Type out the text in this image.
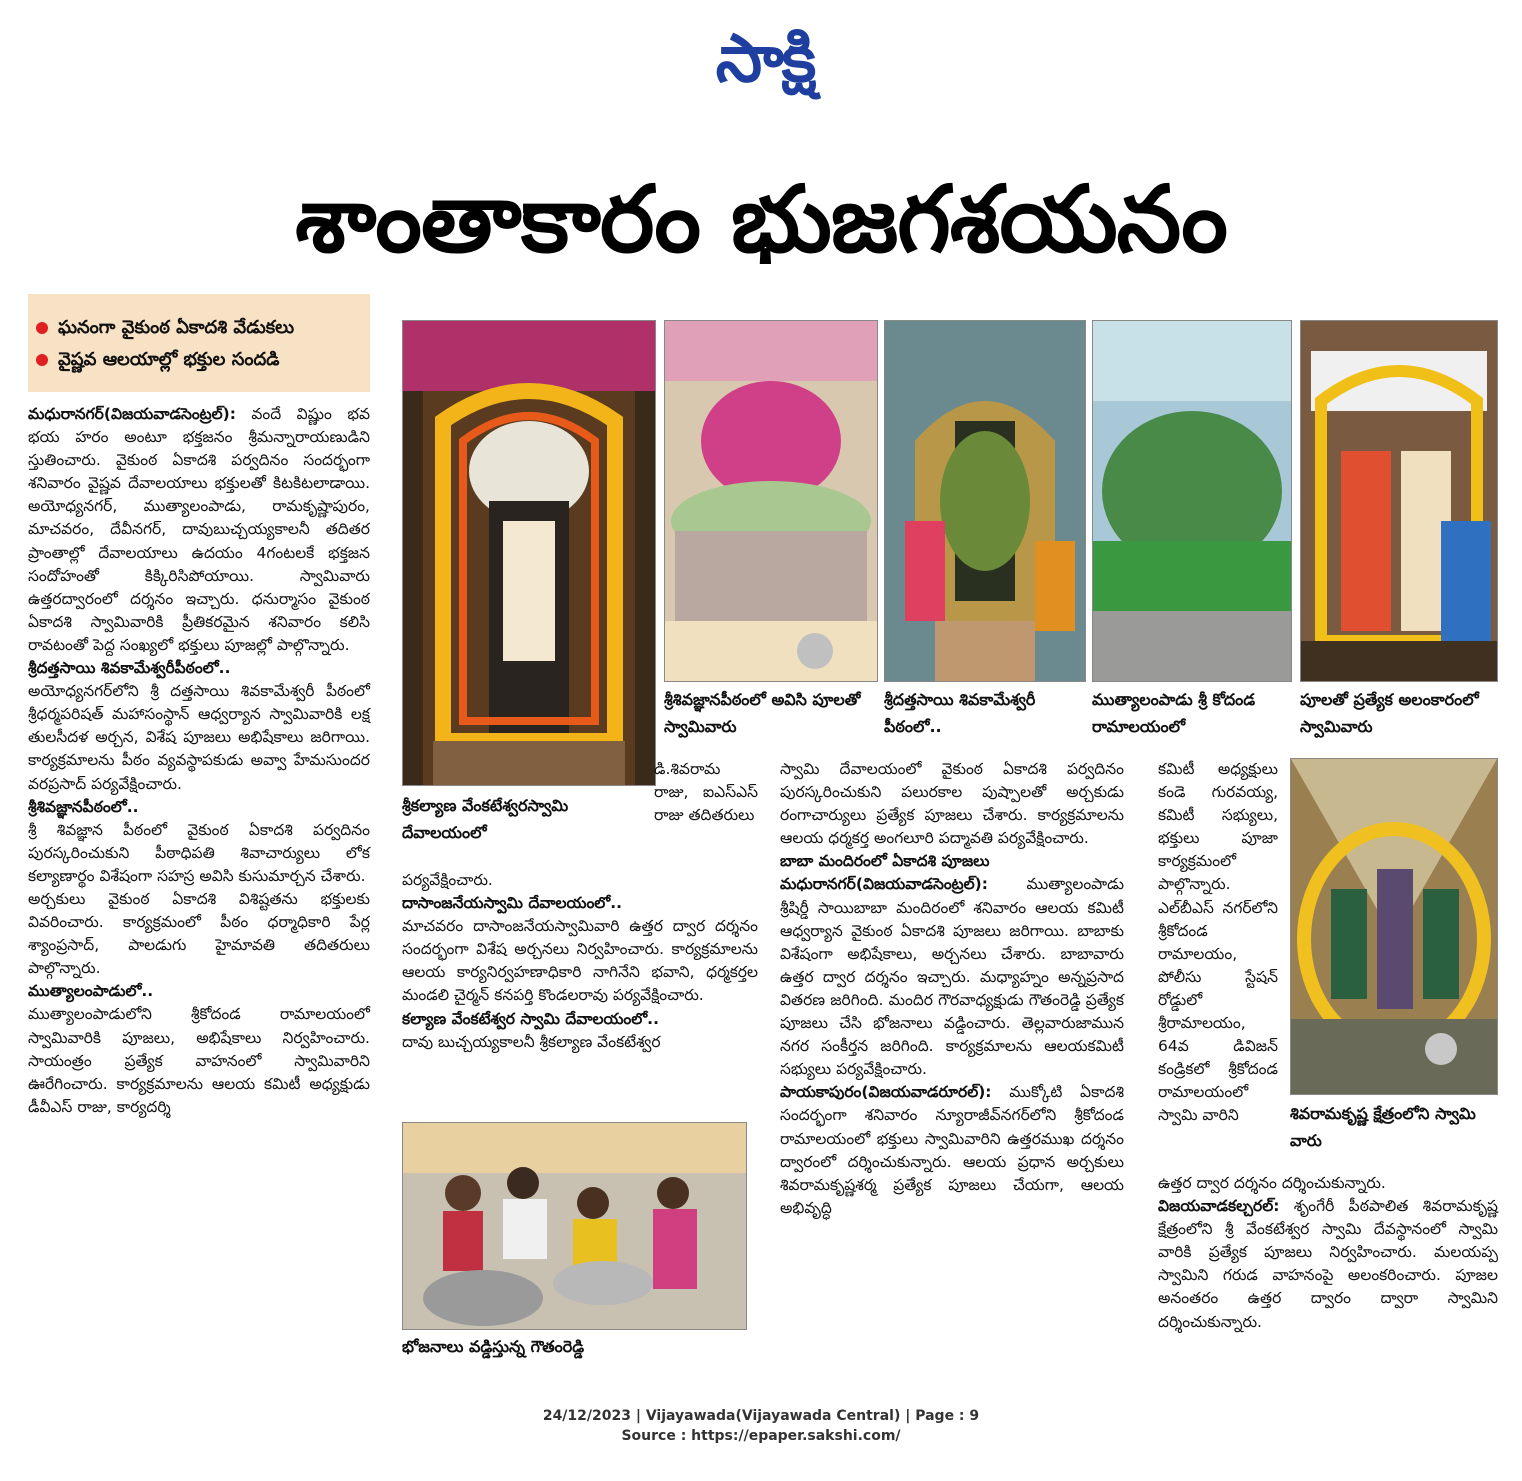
సాక్షి
శాంతాకారం భుజగశయనం
ఘనంగా వైకుంఠ ఏకాదశి వేడుకలు
వైష్ణవ ఆలయాల్లో భక్తుల సందడి

మధురానగర్(విజయవాడసెంట్రల్): వందే విష్ణుం భవ భయ హరం అంటూ భక్తజనం శ్రీమన్నారాయణుడిని స్తుతించారు. వైకుంఠ ఏకాదశి పర్వదినం సందర్భంగా శనివారం వైష్ణవ దేవాలయాలు భక్తులతో కిటకిటలాడాయి. అయోధ్యనగర్, ముత్యాలంపాడు, రామకృష్ణాపురం, మాచవరం, దేవీనగర్, దావుబుచ్చయ్యకాలనీ తదితర ప్రాంతాల్లో దేవాలయాలు ఉదయం 4గంటలకే భక్తజన సందోహంతో కిక్కిరిసిపోయాయి. స్వామివారు ఉత్తరద్వారంలో దర్శనం ఇచ్చారు. ధనుర్మాసం వైకుంఠ ఏకాదశి స్వామివారికి ప్రీతికరమైన శనివారం కలిసి రావటంతో పెద్ద సంఖ్యలో భక్తులు పూజల్లో పాల్గొన్నారు.

శ్రీదత్తసాయి శివకామేశ్వరీపీఠంలో..

అయోధ్యనగర్‌లోని శ్రీ దత్తసాయి శివకామేశ్వరీ పీఠంలో శ్రీధర్మపరిషత్ మహాసంస్థాన్ ఆధ్వర్యాన స్వామివారికి లక్ష తులసీదళ అర్చన, విశేష పూజలు అభిషేకాలు జరిగాయి. కార్యక్రమాలను పీఠం వ్యవస్థాపకుడు అవ్వా హేమసుందర వరప్రసాద్ పర్యవేక్షించారు.

శ్రీశివజ్ఞానపీఠంలో..

శ్రీ శివజ్ఞాన పీఠంలో వైకుంఠ ఏకాదశి పర్వదినం పురస్కరించుకుని పీఠాధిపతి శివాచార్యులు లోక కల్యాణార్థం విశేషంగా సహస్ర అవిసి కుసుమార్చన చేశారు.

అర్చకులు వైకుంఠ ఏకాదశి విశిష్టతను భక్తులకు వివరించారు. కార్యక్రమంలో పీఠం ధర్మాధికారి పేర్ల శ్యాంప్రసాద్, పాలడుగు హైమావతి తదితరులు పాల్గొన్నారు.

ముత్యాలంపాడులో..

ముత్యాలంపాడులోని శ్రీకోదండ రామాలయంలో స్వామివారికి పూజలు, అభిషేకాలు నిర్వహించారు. సాయంత్రం ప్రత్యేక వాహనంలో స్వామివారిని ఊరేగించారు. కార్యక్రమాలను ఆలయ కమిటీ అధ్యక్షుడు డీవీఎస్ రాజు, కార్యదర్శి

శ్రీకల్యాణ వేంకటేశ్వరస్వామి దేవాలయంలో

డి.శివరామ రాజు, ఐఎస్ఎస్ రాజు తదితరులు

పర్యవేక్షించారు.

దాసాంజనేయస్వామి దేవాలయంలో..

మాచవరం దాసాంజనేయస్వామివారి ఉత్తర ద్వార దర్శనం సందర్భంగా విశేష అర్చనలు నిర్వహించారు. కార్యక్రమాలను ఆలయ కార్యనిర్వహణాధికారి నాగినేని భవాని, ధర్మకర్తల మండలి చైర్మన్ కనపర్తి కొండలరావు పర్యవేక్షించారు.

కల్యాణ వేంకటేశ్వర స్వామి దేవాలయంలో..

దావు బుచ్చయ్యకాలనీ శ్రీకల్యాణ వేంకటేశ్వర

భోజనాలు వడ్డిస్తున్న గౌతంరెడ్డి
శ్రీశివజ్ఞానపీఠంలో అవిసి పూలతో స్వామివారు
శ్రీదత్తసాయి శివకామేశ్వరీ పీఠంలో..
ముత్యాలంపాడు శ్రీ కోదండ రామాలయంలో
పూలతో ప్రత్యేక అలంకారంలో స్వామివారు

స్వామి దేవాలయంలో వైకుంఠ ఏకాదశి పర్వదినం పురస్కరించుకుని పలురకాల పుష్పాలతో అర్చకుడు రంగాచార్యులు ప్రత్యేక పూజలు చేశారు. కార్యక్రమాలను ఆలయ ధర్మకర్త అంగలూరి పద్మావతి పర్యవేక్షించారు.

బాబా మందిరంలో ఏకాదశి పూజలు

మధురానగర్(విజయవాడసెంట్రల్): ముత్యాలంపాడు శ్రీషిర్డీ సాయిబాబా మందిరంలో శనివారం ఆలయ కమిటీ ఆధ్వర్యాన వైకుంఠ ఏకాదశి పూజలు జరిగాయి. బాబాకు విశేషంగా అభిషేకాలు, అర్చనలు చేశారు. బాబావారు ఉత్తర ద్వార దర్శనం ఇచ్చారు. మధ్యాహ్నం అన్నప్రసాద వితరణ జరిగింది. మందిర గౌరవాధ్యక్షుడు గౌతంరెడ్డి ప్రత్యేక పూజలు చేసి భోజనాలు వడ్డించారు. తెల్లవారుజామున నగర సంకీర్తన జరిగింది. కార్యక్రమాలను ఆలయకమిటీ సభ్యులు పర్యవేక్షించారు.

పాయకాపురం(విజయవాడరూరల్): ముక్కోటి ఏకాదశి సందర్భంగా శనివారం న్యూరాజీవ్‌నగర్‌లోని శ్రీకోదండ రామాలయంలో భక్తులు స్వామివారిని ఉత్తరముఖ దర్శనం ద్వారంలో దర్శించుకున్నారు. ఆలయ ప్రధాన అర్చకులు శివరామకృష్ణశర్మ ప్రత్యేక పూజలు చేయగా, ఆలయ అభివృద్ధి

కమిటీ అధ్యక్షులు కండె గురవయ్య, కమిటీ సభ్యులు, భక్తులు పూజా కార్యక్రమంలో పాల్గొన్నారు. ఎల్‌బీఎస్ నగర్‌లోని శ్రీకోదండ రామాలయం, పోలీసు స్టేషన్ రోడ్డులో శ్రీరామాలయం, 64వ డివిజన్ కండ్రికలో శ్రీకోదండ రామాలయంలో స్వామి వారిని	శివరామకృష్ణ క్షేత్రంలోని స్వామి వారు

ఉత్తర ద్వార దర్శనం దర్శించుకున్నారు.

విజయవాడకల్చరల్: శృంగేరీ పీఠపాలిత శివరామకృష్ణ క్షేత్రంలోని శ్రీ వేంకటేశ్వర స్వామి దేవస్థానంలో స్వామి వారికి ప్రత్యేక పూజలు నిర్వహించారు. మలయప్ప స్వామిని గరుడ వాహనంపై అలంకరించారు. పూజల అనంతరం ఉత్తర ద్వారం ద్వారా స్వామిని దర్శించుకున్నారు.

24/12/2023 | Vijayawada(Vijayawada Central) | Page : 9
Source : https://epaper.sakshi.com/
